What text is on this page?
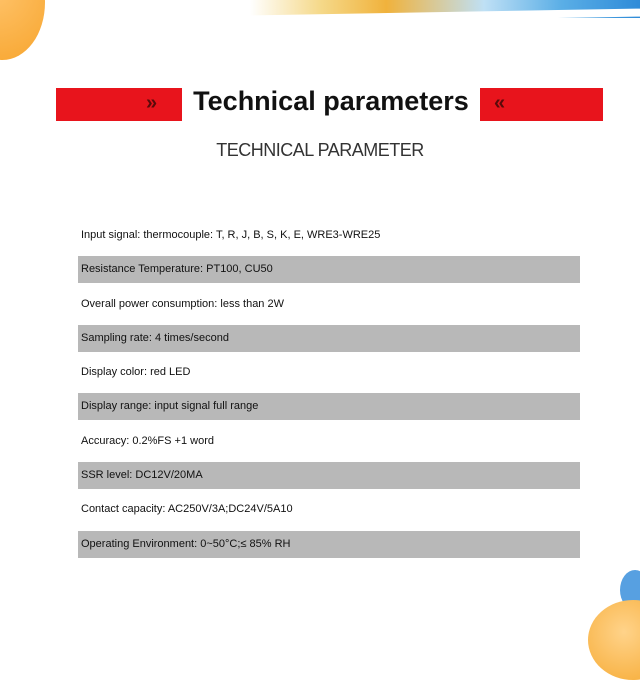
» Technical parameters «
TECHNICAL PARAMETER
Input signal: thermocouple: T, R, J, B, S, K, E, WRE3-WRE25
Resistance Temperature: PT100, CU50
Overall power consumption: less than 2W
Sampling rate: 4 times/second
Display color: red LED
Display range: input signal full range
Accuracy: 0.2%FS +1 word
SSR level: DC12V/20MA
Contact capacity: AC250V/3A;DC24V/5A10
Operating Environment: 0~50°C;≤ 85% RH
